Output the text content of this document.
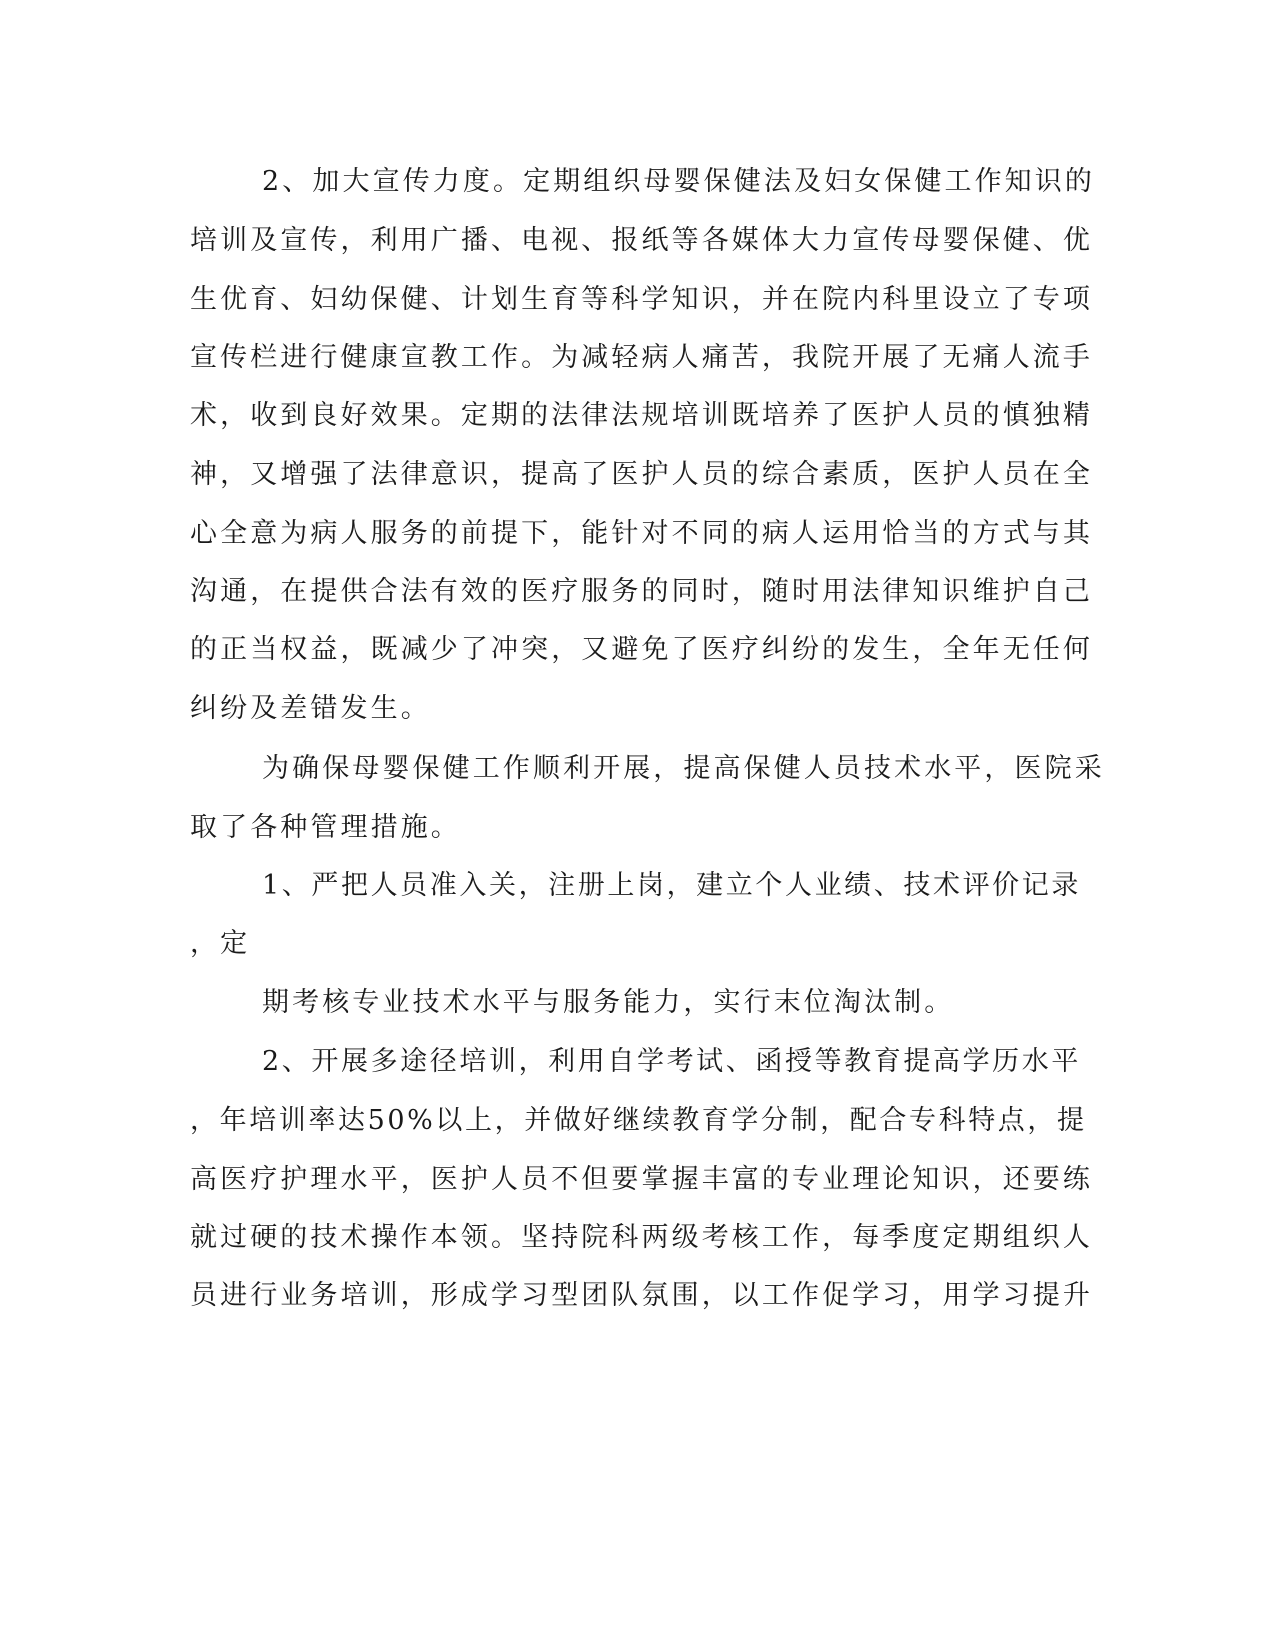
2、加大宣传力度。定期组织母婴保健法及妇女保健工作知识的
培训及宣传，利用广播、电视、报纸等各媒体大力宣传母婴保健、优
生优育、妇幼保健、计划生育等科学知识，并在院内科里设立了专项
宣传栏进行健康宣教工作。为减轻病人痛苦，我院开展了无痛人流手
术，收到良好效果。定期的法律法规培训既培养了医护人员的慎独精
神，又增强了法律意识，提高了医护人员的综合素质，医护人员在全
心全意为病人服务的前提下，能针对不同的病人运用恰当的方式与其
沟通，在提供合法有效的医疗服务的同时，随时用法律知识维护自己
的正当权益，既减少了冲突，又避免了医疗纠纷的发生，全年无任何
纠纷及差错发生。
为确保母婴保健工作顺利开展，提高保健人员技术水平，医院采
取了各种管理措施。
1、严把人员准入关，注册上岗，建立个人业绩、技术评价记录
，定
期考核专业技术水平与服务能力，实行末位淘汰制。
2、开展多途径培训，利用自学考试、函授等教育提高学历水平
，年培训率达50%以上，并做好继续教育学分制，配合专科特点，提
高医疗护理水平，医护人员不但要掌握丰富的专业理论知识，还要练
就过硬的技术操作本领。坚持院科两级考核工作，每季度定期组织人
员进行业务培训，形成学习型团队氛围，以工作促学习，用学习提升
